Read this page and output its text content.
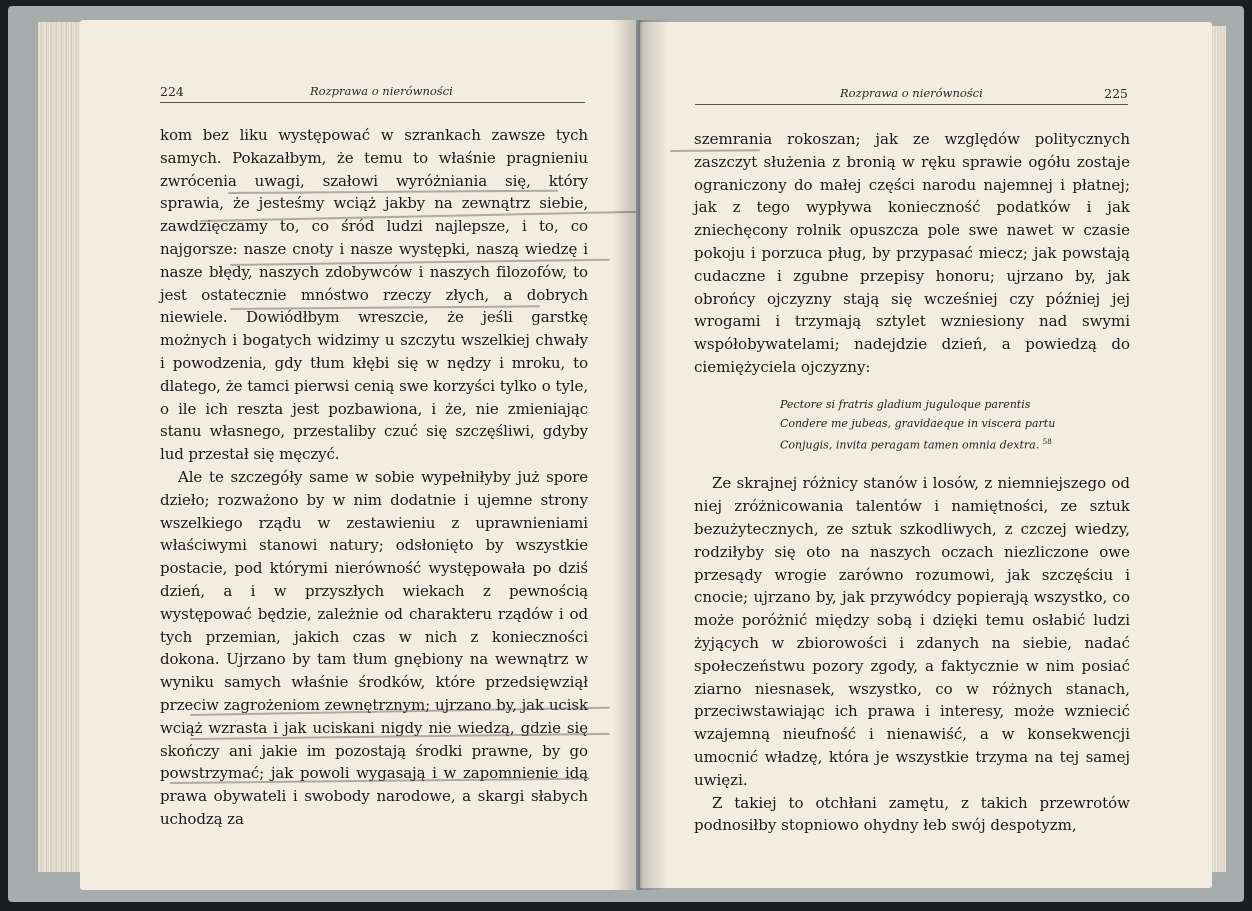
224	Rozprawa o nierówności

kom bez liku występować w szrankach zawsze tych samych. Pokazałbym, że temu to właśnie pragnieniu zwrócenia uwagi, szałowi wyróżniania się, który sprawia, że jesteśmy wciąż jakby na zewnątrz siebie, zawdzięczamy to, co śród ludzi najlepsze, i to, co najgorsze: nasze cnoty i nasze występki, naszą wiedzę i nasze błędy, naszych zdobywców i naszych filozofów, to jest ostatecznie mnóstwo rzeczy złych, a dobrych niewiele. Dowiódłbym wreszcie, że jeśli garstkę możnych i bogatych widzimy u szczytu wszelkiej chwały i powodzenia, gdy tłum kłębi się w nędzy i mroku, to dlatego, że tamci pierwsi cenią swe korzyści tylko o tyle, o ile ich reszta jest pozbawiona, i że, nie zmieniając stanu własnego, przestaliby czuć się szczęśliwi, gdyby lud przestał się męczyć.

Ale te szczegóły same w sobie wypełniłyby już spore dzieło; rozważono by w nim dodatnie i ujemne strony wszelkiego rządu w zestawieniu z uprawnieniami właściwymi stanowi natury; odsłonięto by wszystkie postacie, pod którymi nierówność występowała po dziś dzień, a i w przyszłych wiekach z pewnością występować będzie, zależnie od charakteru rządów i od tych przemian, jakich czas w nich z konieczności dokona. Ujrzano by tam tłum gnębiony na wewnątrz w wyniku samych właśnie środków, które przedsięwziął przeciw zagrożeniom zewnętrznym; ujrzano by, jak ucisk wciąż wzrasta i jak uciskani nigdy nie wiedzą, gdzie się skończy ani jakie im pozostają środki prawne, by go powstrzymać; jak powoli wygasają i w zapomnienie idą prawa obywateli i swobody narodowe, a skargi słabych uchodzą za

Rozprawa o nierówności	225

szemrania rokoszan; jak ze względów politycznych zaszczyt służenia z bronią w ręku sprawie ogółu zostaje ograniczony do małej części narodu najemnej i płatnej; jak z tego wypływa konieczność podatków i jak zniechęcony rolnik opuszcza pole swe nawet w czasie pokoju i porzuca pług, by przypasać miecz; jak powstają cudaczne i zgubne przepisy honoru; ujrzano by, jak obrońcy ojczyzny stają się wcześniej czy później jej wrogami i trzymają sztylet wzniesiony nad swymi współobywatelami; nadejdzie dzień, a powiedzą do ciemiężyciela ojczyzny:

Pectore si fratris gladium juguloque parentis
Condere me jubeas, gravidaeque in viscera partu
Conjugis, invita peragam tamen omnia dextra. $^{58}$

Ze skrajnej różnicy stanów i losów, z niemniejszego od niej zróżnicowania talentów i namiętności, ze sztuk bezużytecznych, ze sztuk szkodliwych, z czczej wiedzy, rodziłyby się oto na naszych oczach niezliczone owe przesądy wrogie zarówno rozumowi, jak szczęściu i cnocie; ujrzano by, jak przywódcy popierają wszystko, co może poróżnić między sobą i dzięki temu osłabić ludzi żyjących w zbiorowości i zdanych na siebie, nadać społeczeństwu pozory zgody, a faktycznie w nim posiać ziarno niesnasek, wszystko, co w różnych stanach, przeciwstawiając ich prawa i interesy, może wzniecić wzajemną nieufność i nienawiść, a w konsekwencji umocnić władzę, która je wszystkie trzyma na tej samej uwięzi.

Z takiej to otchłani zamętu, z takich przewrotów podnosiłby stopniowo ohydny łeb swój despotyzm,
